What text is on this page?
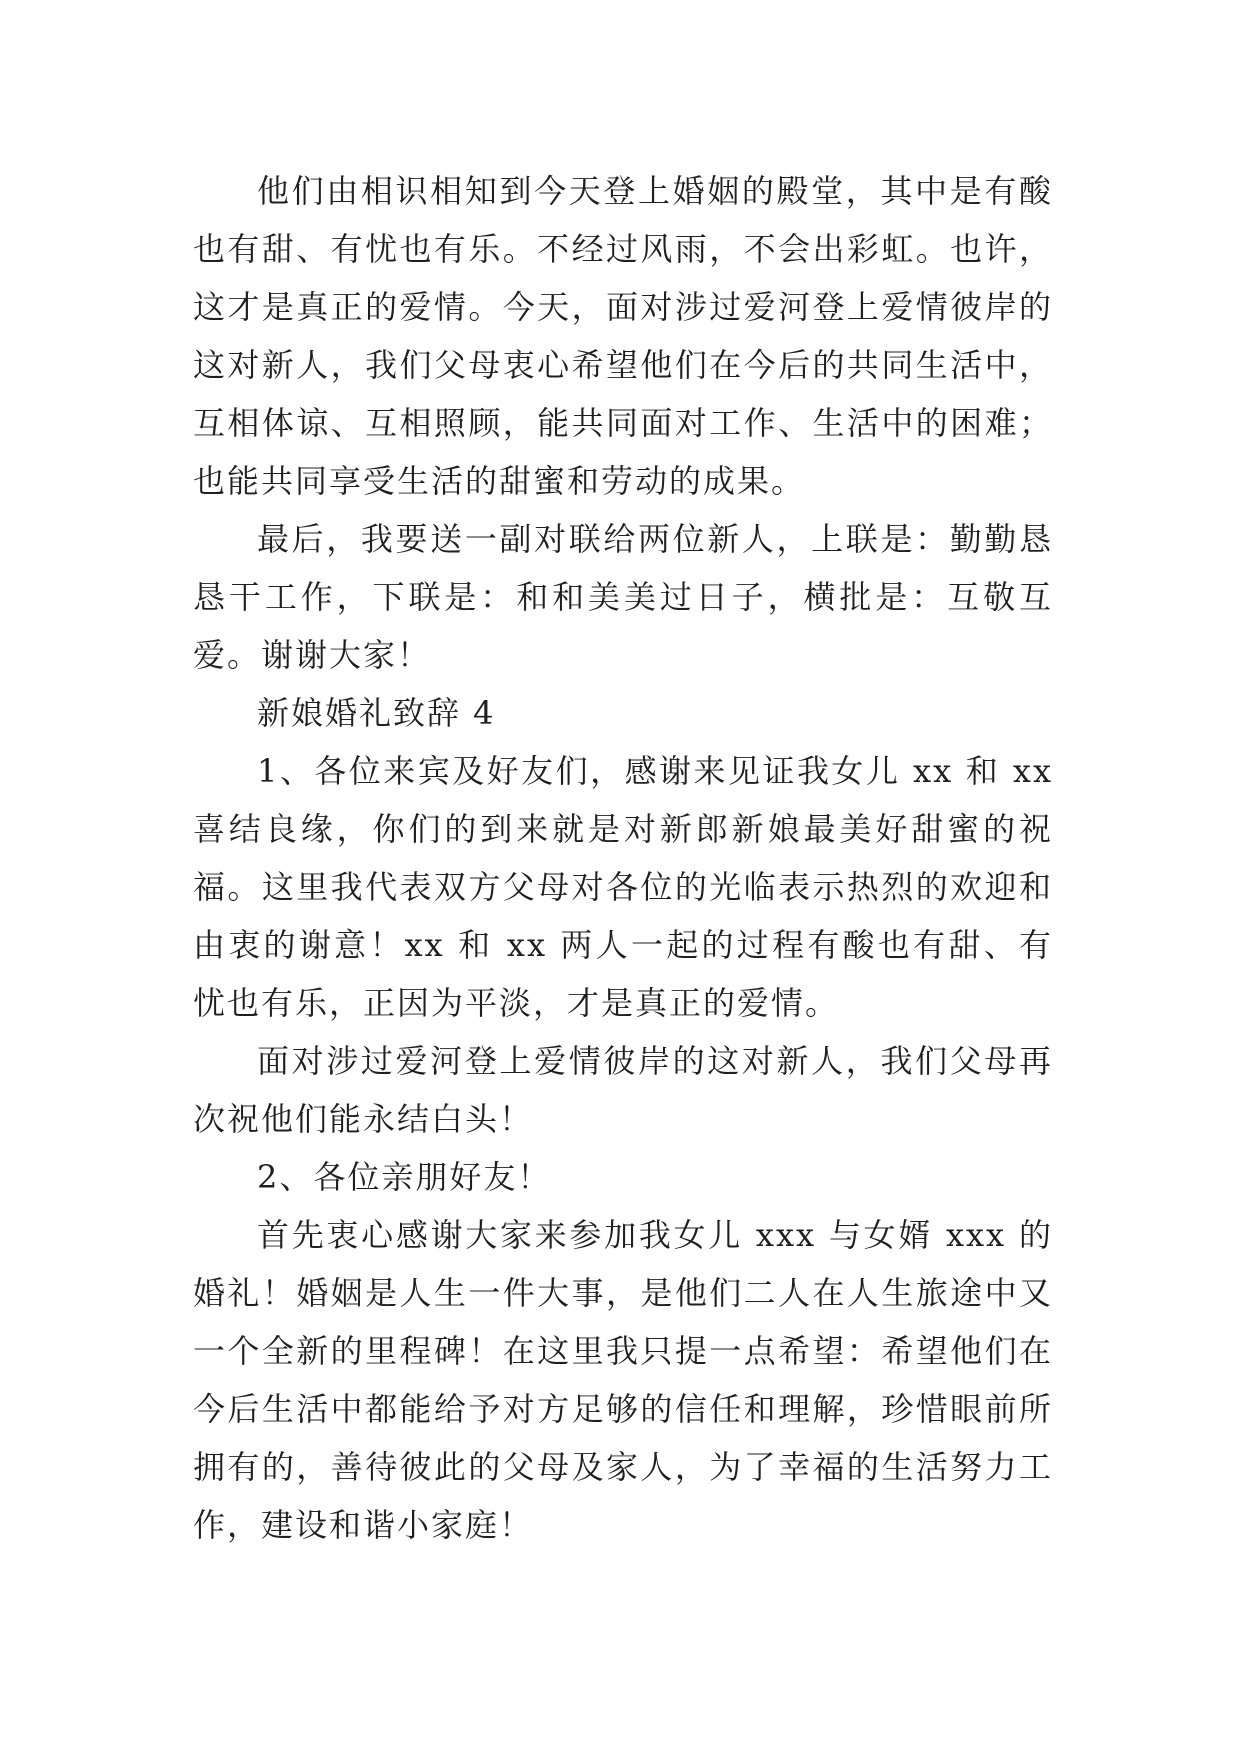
他们由相识相知到今天登上婚姻的殿堂，其中是有酸也有甜、有忧也有乐。不经过风雨，不会出彩虹。也许，这才是真正的爱情。今天，面对涉过爱河登上爱情彼岸的这对新人，我们父母衷心希望他们在今后的共同生活中，互相体谅、互相照顾，能共同面对工作、生活中的困难；也能共同享受生活的甜蜜和劳动的成果。

最后，我要送一副对联给两位新人，上联是：勤勤恳恳干工作，下联是：和和美美过日子，横批是：互敬互爱。谢谢大家！

新娘婚礼致辞 4

1、各位来宾及好友们，感谢来见证我女儿 xx 和 xx 喜结良缘，你们的到来就是对新郎新娘最美好甜蜜的祝福。这里我代表双方父母对各位的光临表示热烈的欢迎和由衷的谢意！xx 和 xx 两人一起的过程有酸也有甜、有忧也有乐，正因为平淡，才是真正的爱情。

面对涉过爱河登上爱情彼岸的这对新人，我们父母再次祝他们能永结白头！

2、各位亲朋好友！

首先衷心感谢大家来参加我女儿 xxx 与女婿 xxx 的婚礼！婚姻是人生一件大事，是他们二人在人生旅途中又一个全新的里程碑！在这里我只提一点希望：希望他们在今后生活中都能给予对方足够的信任和理解，珍惜眼前所拥有的，善待彼此的父母及家人，为了幸福的生活努力工作，建设和谐小家庭！
